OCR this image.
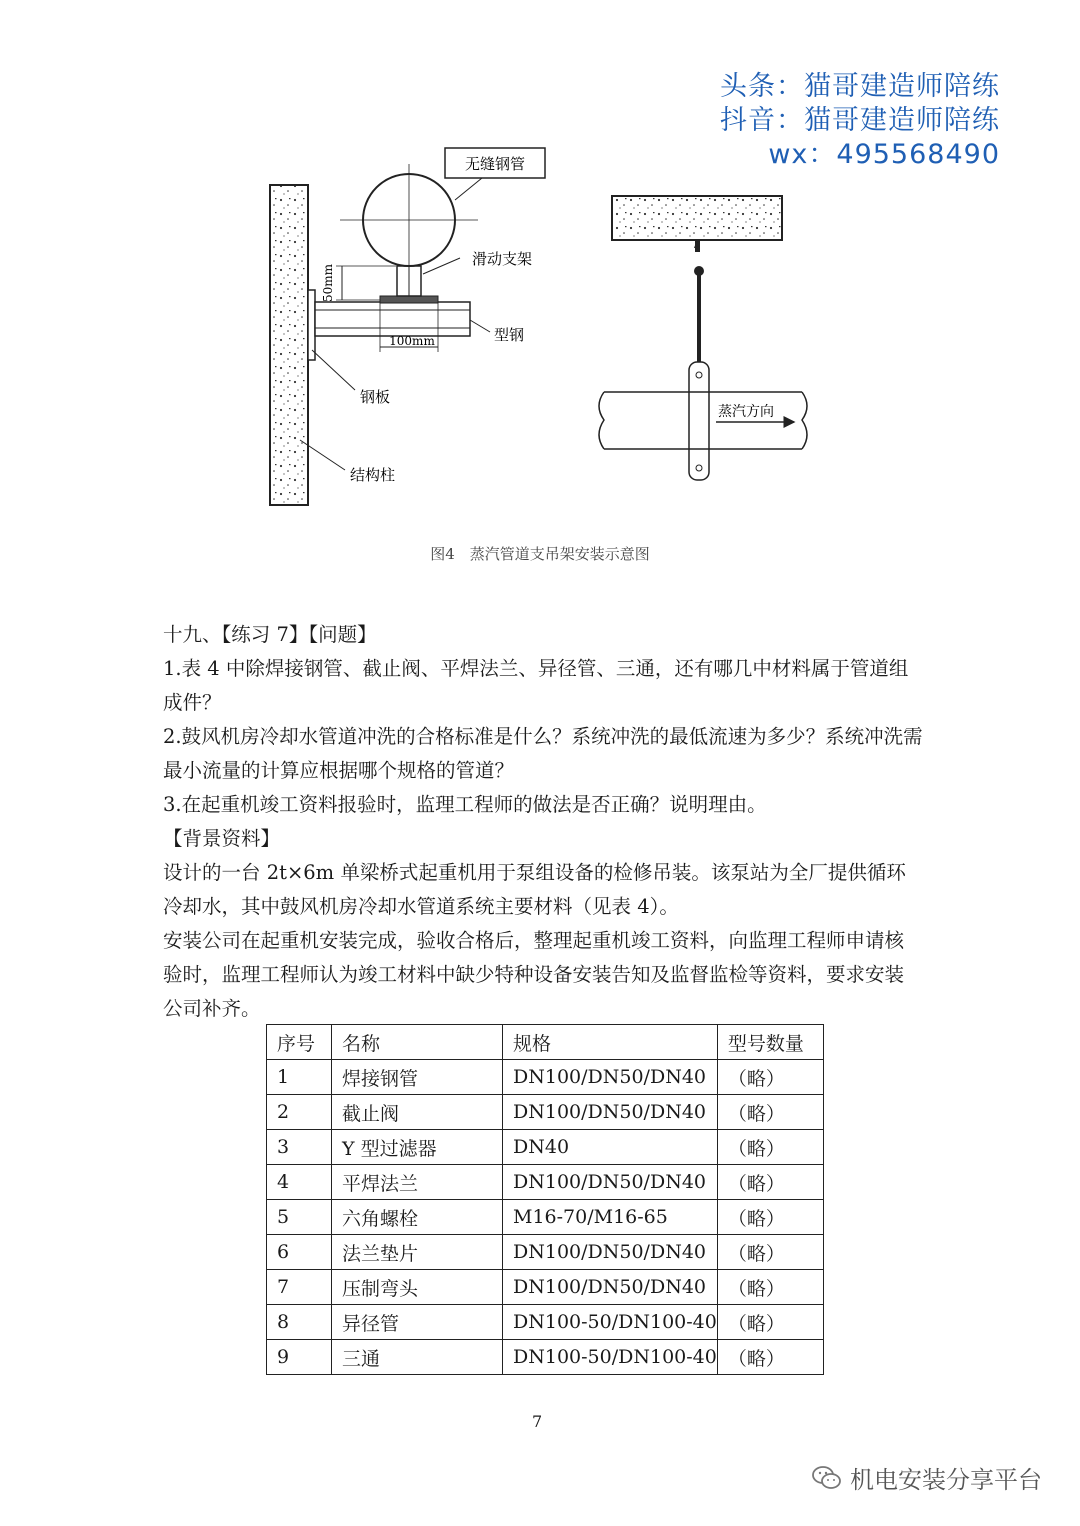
头条：猫哥建造师陪练
抖音：猫哥建造师陪练
wx：495568490
无缝钢管
50mm
滑动支架
100mm	型钢
钢板
结构柱
蒸汽方向
图4　蒸汽管道支吊架安装示意图

十九、【练习 7】【问题】

1.表 4 中除焊接钢管、截止阀、平焊法兰、异径管、三通，还有哪几中材料属于管道组成件？

2.鼓风机房冷却水管道冲洗的合格标准是什么？系统冲洗的最低流速为多少？系统冲洗需最小流量的计算应根据哪个规格的管道？

3.在起重机竣工资料报验时，监理工程师的做法是否正确？说明理由。

【背景资料】

设计的一台 2t×6m 单梁桥式起重机用于泵组设备的检修吊装。该泵站为全厂提供循环冷却水，其中鼓风机房冷却水管道系统主要材料（见表 4）。

安装公司在起重机安装完成，验收合格后，整理起重机竣工资料，向监理工程师申请核验时，监理工程师认为竣工材料中缺少特种设备安装告知及监督监检等资料，要求安装公司补齐。

序号	名称	规格	型号数量
1	焊接钢管	DN100/DN50/DN40	（略）
2	截止阀	DN100/DN50/DN40	（略）
3	Y 型过滤器	DN40	（略）
4	平焊法兰	DN100/DN50/DN40	（略）
5	六角螺栓	M16-70/M16-65	（略）
6	法兰垫片	DN100/DN50/DN40	（略）
7	压制弯头	DN100/DN50/DN40	（略）
8	异径管	DN100-50/DN100-40	（略）
9	三通	DN100-50/DN100-40	（略）
7
机电安装分享平台
